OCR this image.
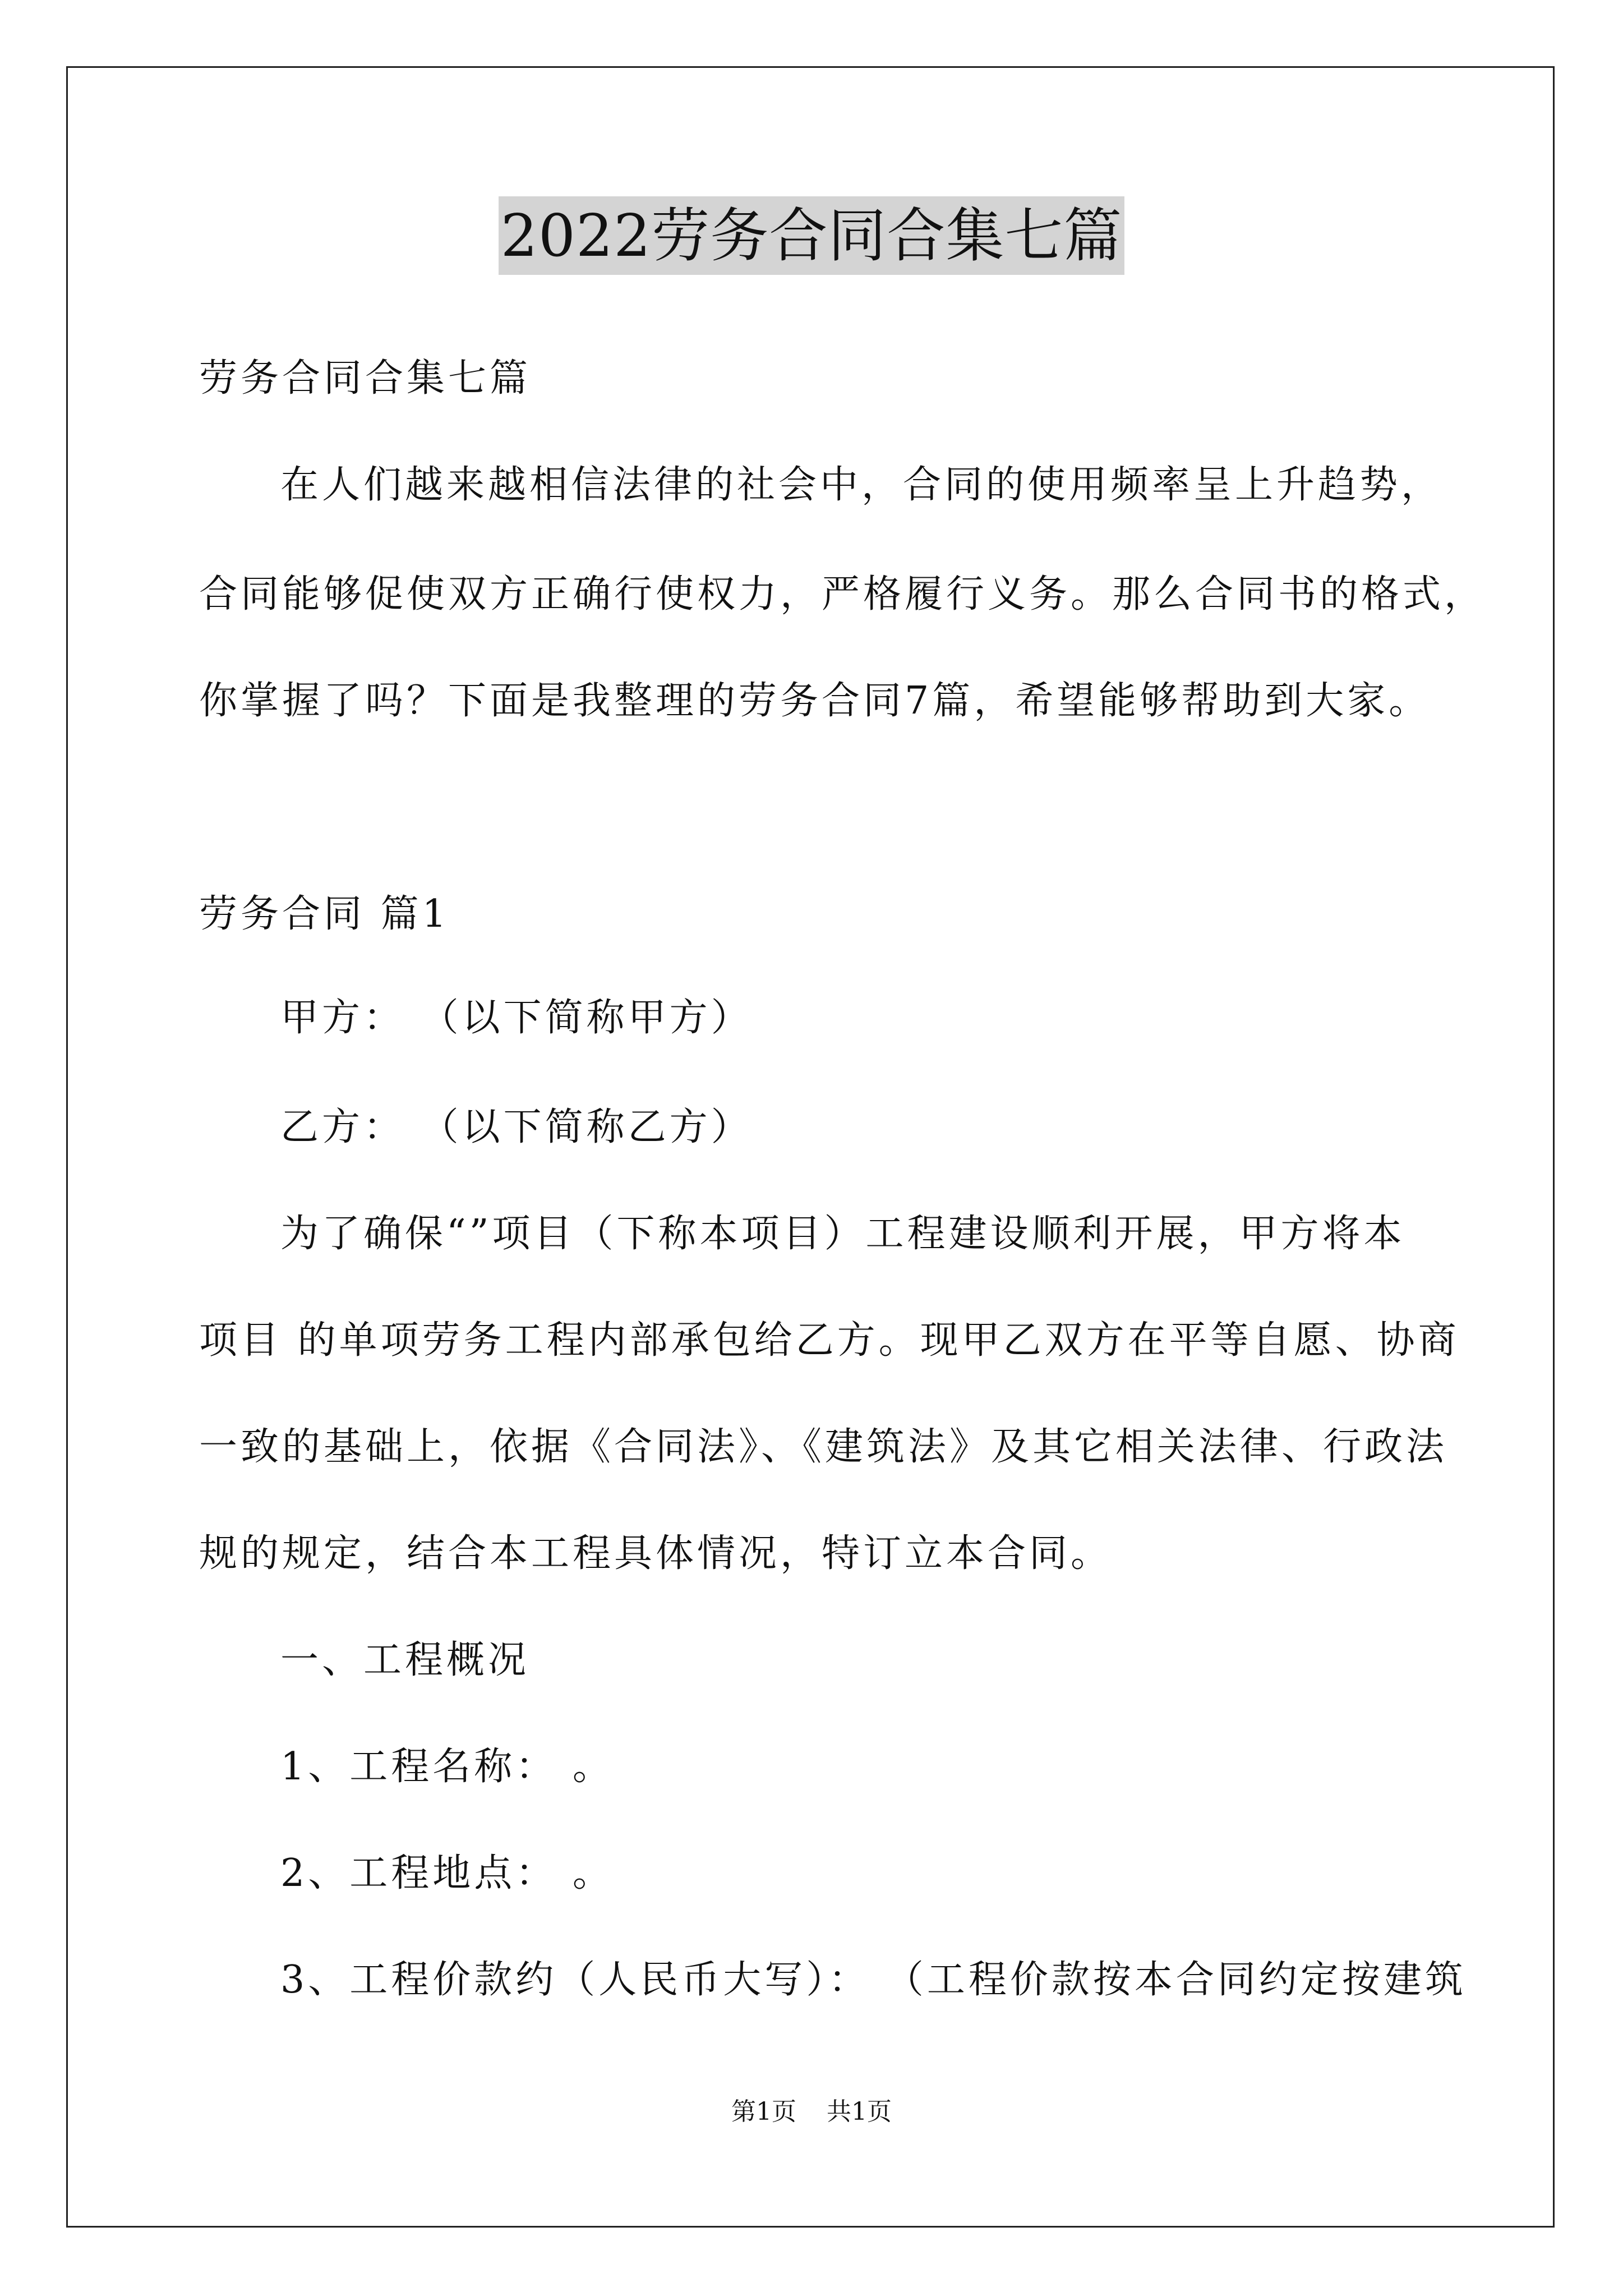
2022劳务合同合集七篇
劳务合同合集七篇
在人们越来越相信法律的社会中，合同的使用频率呈上升趋势，
合同能够促使双方正确行使权力，严格履行义务。那么合同书的格式，
你掌握了吗？下面是我整理的劳务合同7篇，希望能够帮助到大家。
劳务合同 篇1
甲方： （以下简称甲方）
乙方： （以下简称乙方）
为了确保“”项目（下称本项目）工程建设顺利开展，甲方将本
项目 的单项劳务工程内部承包给乙方。现甲乙双方在平等自愿、协商
一致的基础上，依据《合同法》、《建筑法》及其它相关法律、行政法
规的规定，结合本工程具体情况，特订立本合同。
一、工程概况
1、工程名称： 。
2、工程地点： 。
3、工程价款约（人民币大写）： （工程价款按本合同约定按建筑
第1页 共1页
